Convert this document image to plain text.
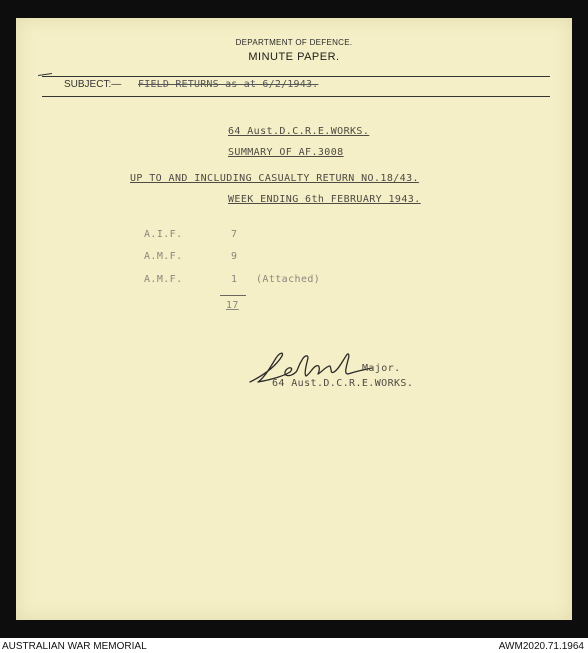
DEPARTMENT OF DEFENCE.
MINUTE PAPER.
SUBJECT:— FIELD RETURNS as at 6/2/1943.
64 Aust.D.C.R.E.WORKS.
SUMMARY OF AF.3008
UP TO AND INCLUDING CASUALTY RETURN NO.18/43.
WEEK ENDING 6th FEBRUARY 1943.
A.I.F.	7
A.M.F.	9
A.M.F.	1 (Attached)
17
Major.
64 Aust.D.C.R.E.WORKS.
AUSTRALIAN WAR MEMORIAL	AWM2020.71.1964
